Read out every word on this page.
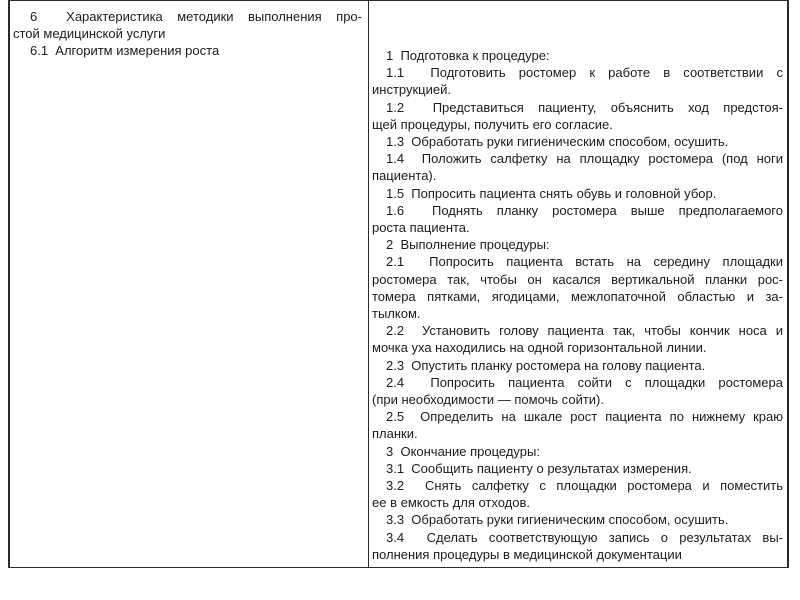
6  Характеристика методики выполнения про-
стой медицинской услуги
6.1  Алгоритм измерения роста	1  Подготовка к процедуре:
1.1  Подготовить ростомер к работе в соответствии с
инструкцией.
1.2  Представиться пациенту, объяснить ход предстоя-
щей процедуры, получить его согласие.
1.3  Обработать руки гигиеническим способом, осушить.
1.4  Положить салфетку на площадку ростомера (под ноги
пациента).
1.5  Попросить пациента снять обувь и головной убор.
1.6  Поднять планку ростомера выше предполагаемого
роста пациента.
2  Выполнение процедуры:
2.1  Попросить пациента встать на середину площадки
ростомера так, чтобы он касался вертикальной планки рос-
томера пятками, ягодицами, межлопаточной областью и за-
тылком.
2.2  Установить голову пациента так, чтобы кончик носа и
мочка уха находились на одной горизонтальной линии.
2.3  Опустить планку ростомера на голову пациента.
2.4  Попросить пациента сойти с площадки ростомера
(при необходимости — помочь сойти).
2.5  Определить на шкале рост пациента по нижнему краю
планки.
3  Окончание процедуры:
3.1  Сообщить пациенту о результатах измерения.
3.2  Снять салфетку с площадки ростомера и поместить
ее в емкость для отходов.
3.3  Обработать руки гигиеническим способом, осушить.
3.4  Сделать соответствующую запись о результатах вы-
полнения процедуры в медицинской документации
